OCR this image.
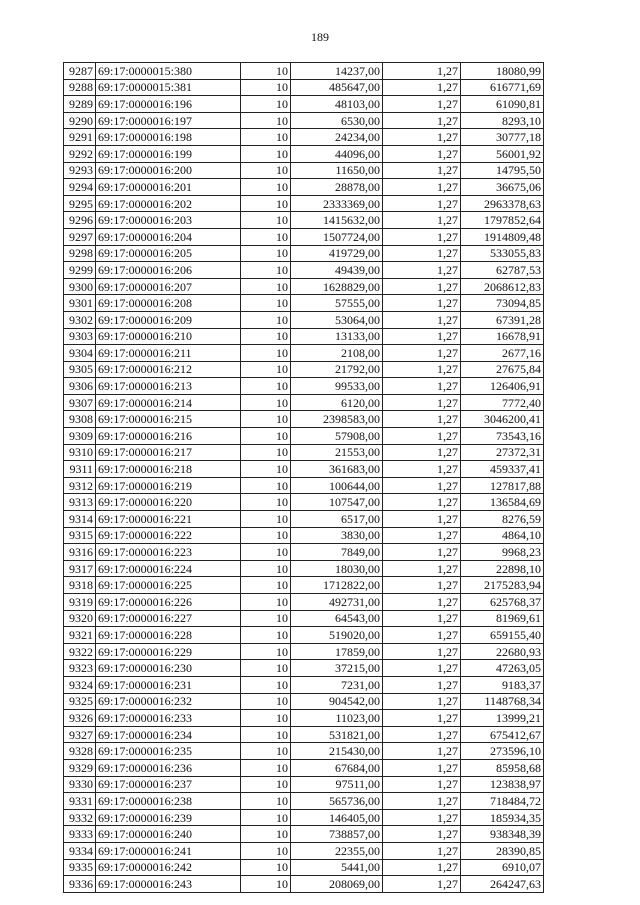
189
9287	69:17:0000015:380	10	14237,00	1,27	18080,99
9288	69:17:0000015:381	10	485647,00	1,27	616771,69
9289	69:17:0000016:196	10	48103,00	1,27	61090,81
9290	69:17:0000016:197	10	6530,00	1,27	8293,10
9291	69:17:0000016:198	10	24234,00	1,27	30777,18
9292	69:17:0000016:199	10	44096,00	1,27	56001,92
9293	69:17:0000016:200	10	11650,00	1,27	14795,50
9294	69:17:0000016:201	10	28878,00	1,27	36675,06
9295	69:17:0000016:202	10	2333369,00	1,27	2963378,63
9296	69:17:0000016:203	10	1415632,00	1,27	1797852,64
9297	69:17:0000016:204	10	1507724,00	1,27	1914809,48
9298	69:17:0000016:205	10	419729,00	1,27	533055,83
9299	69:17:0000016:206	10	49439,00	1,27	62787,53
9300	69:17:0000016:207	10	1628829,00	1,27	2068612,83
9301	69:17:0000016:208	10	57555,00	1,27	73094,85
9302	69:17:0000016:209	10	53064,00	1,27	67391,28
9303	69:17:0000016:210	10	13133,00	1,27	16678,91
9304	69:17:0000016:211	10	2108,00	1,27	2677,16
9305	69:17:0000016:212	10	21792,00	1,27	27675,84
9306	69:17:0000016:213	10	99533,00	1,27	126406,91
9307	69:17:0000016:214	10	6120,00	1,27	7772,40
9308	69:17:0000016:215	10	2398583,00	1,27	3046200,41
9309	69:17:0000016:216	10	57908,00	1,27	73543,16
9310	69:17:0000016:217	10	21553,00	1,27	27372,31
9311	69:17:0000016:218	10	361683,00	1,27	459337,41
9312	69:17:0000016:219	10	100644,00	1,27	127817,88
9313	69:17:0000016:220	10	107547,00	1,27	136584,69
9314	69:17:0000016:221	10	6517,00	1,27	8276,59
9315	69:17:0000016:222	10	3830,00	1,27	4864,10
9316	69:17:0000016:223	10	7849,00	1,27	9968,23
9317	69:17:0000016:224	10	18030,00	1,27	22898,10
9318	69:17:0000016:225	10	1712822,00	1,27	2175283,94
9319	69:17:0000016:226	10	492731,00	1,27	625768,37
9320	69:17:0000016:227	10	64543,00	1,27	81969,61
9321	69:17:0000016:228	10	519020,00	1,27	659155,40
9322	69:17:0000016:229	10	17859,00	1,27	22680,93
9323	69:17:0000016:230	10	37215,00	1,27	47263,05
9324	69:17:0000016:231	10	7231,00	1,27	9183,37
9325	69:17:0000016:232	10	904542,00	1,27	1148768,34
9326	69:17:0000016:233	10	11023,00	1,27	13999,21
9327	69:17:0000016:234	10	531821,00	1,27	675412,67
9328	69:17:0000016:235	10	215430,00	1,27	273596,10
9329	69:17:0000016:236	10	67684,00	1,27	85958,68
9330	69:17:0000016:237	10	97511,00	1,27	123838,97
9331	69:17:0000016:238	10	565736,00	1,27	718484,72
9332	69:17:0000016:239	10	146405,00	1,27	185934,35
9333	69:17:0000016:240	10	738857,00	1,27	938348,39
9334	69:17:0000016:241	10	22355,00	1,27	28390,85
9335	69:17:0000016:242	10	5441,00	1,27	6910,07
9336	69:17:0000016:243	10	208069,00	1,27	264247,63
